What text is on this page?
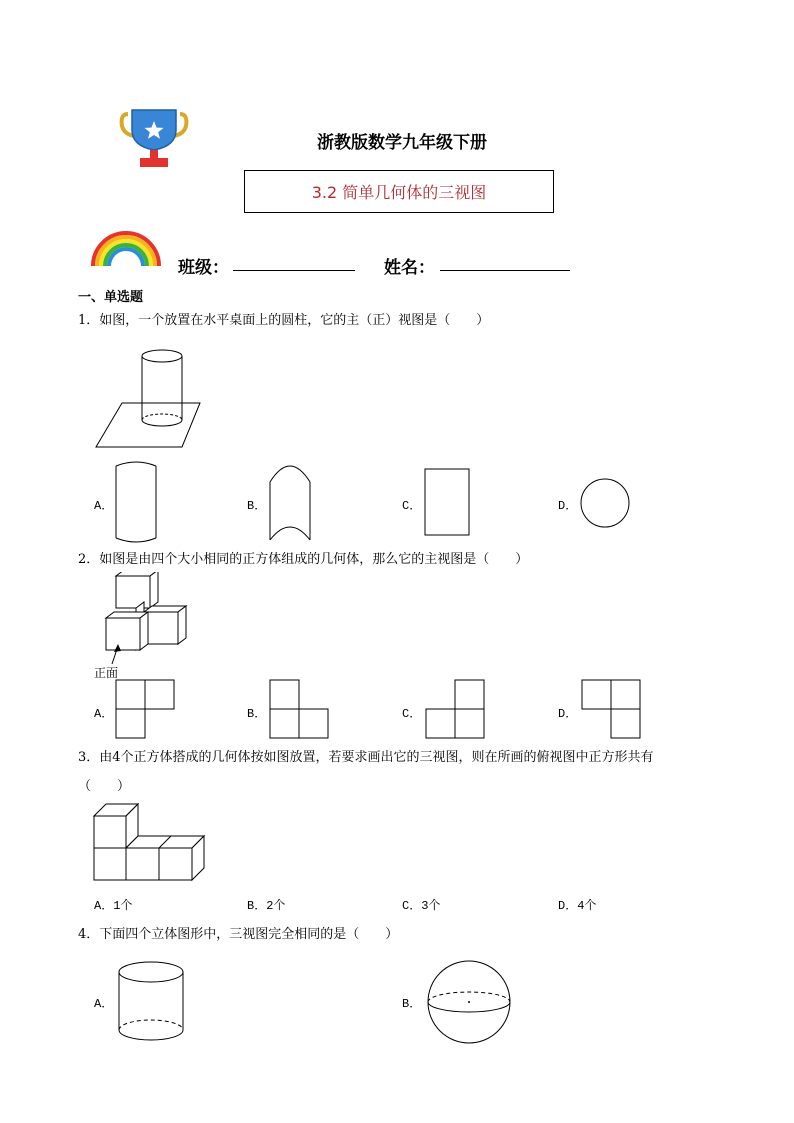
浙教版数学九年级下册
3.2 简单几何体的三视图
班级：	姓名：
一、单选题
1．如图，一个放置在水平桌面上的圆柱，它的主（正）视图是（　　）
A．	B．	C．	D．
2．如图是由四个大小相同的正方体组成的几何体，那么它的主视图是（　　）
正面
A．	B．	C．	D．
3．由4个正方体搭成的几何体按如图放置，若要求画出它的三视图，则在所画的俯视图中正方形共有
（　　）
A．1个	B．2个	C．3个	D．4个
4．下面四个立体图形中，三视图完全相同的是（　　）
A．	B．
